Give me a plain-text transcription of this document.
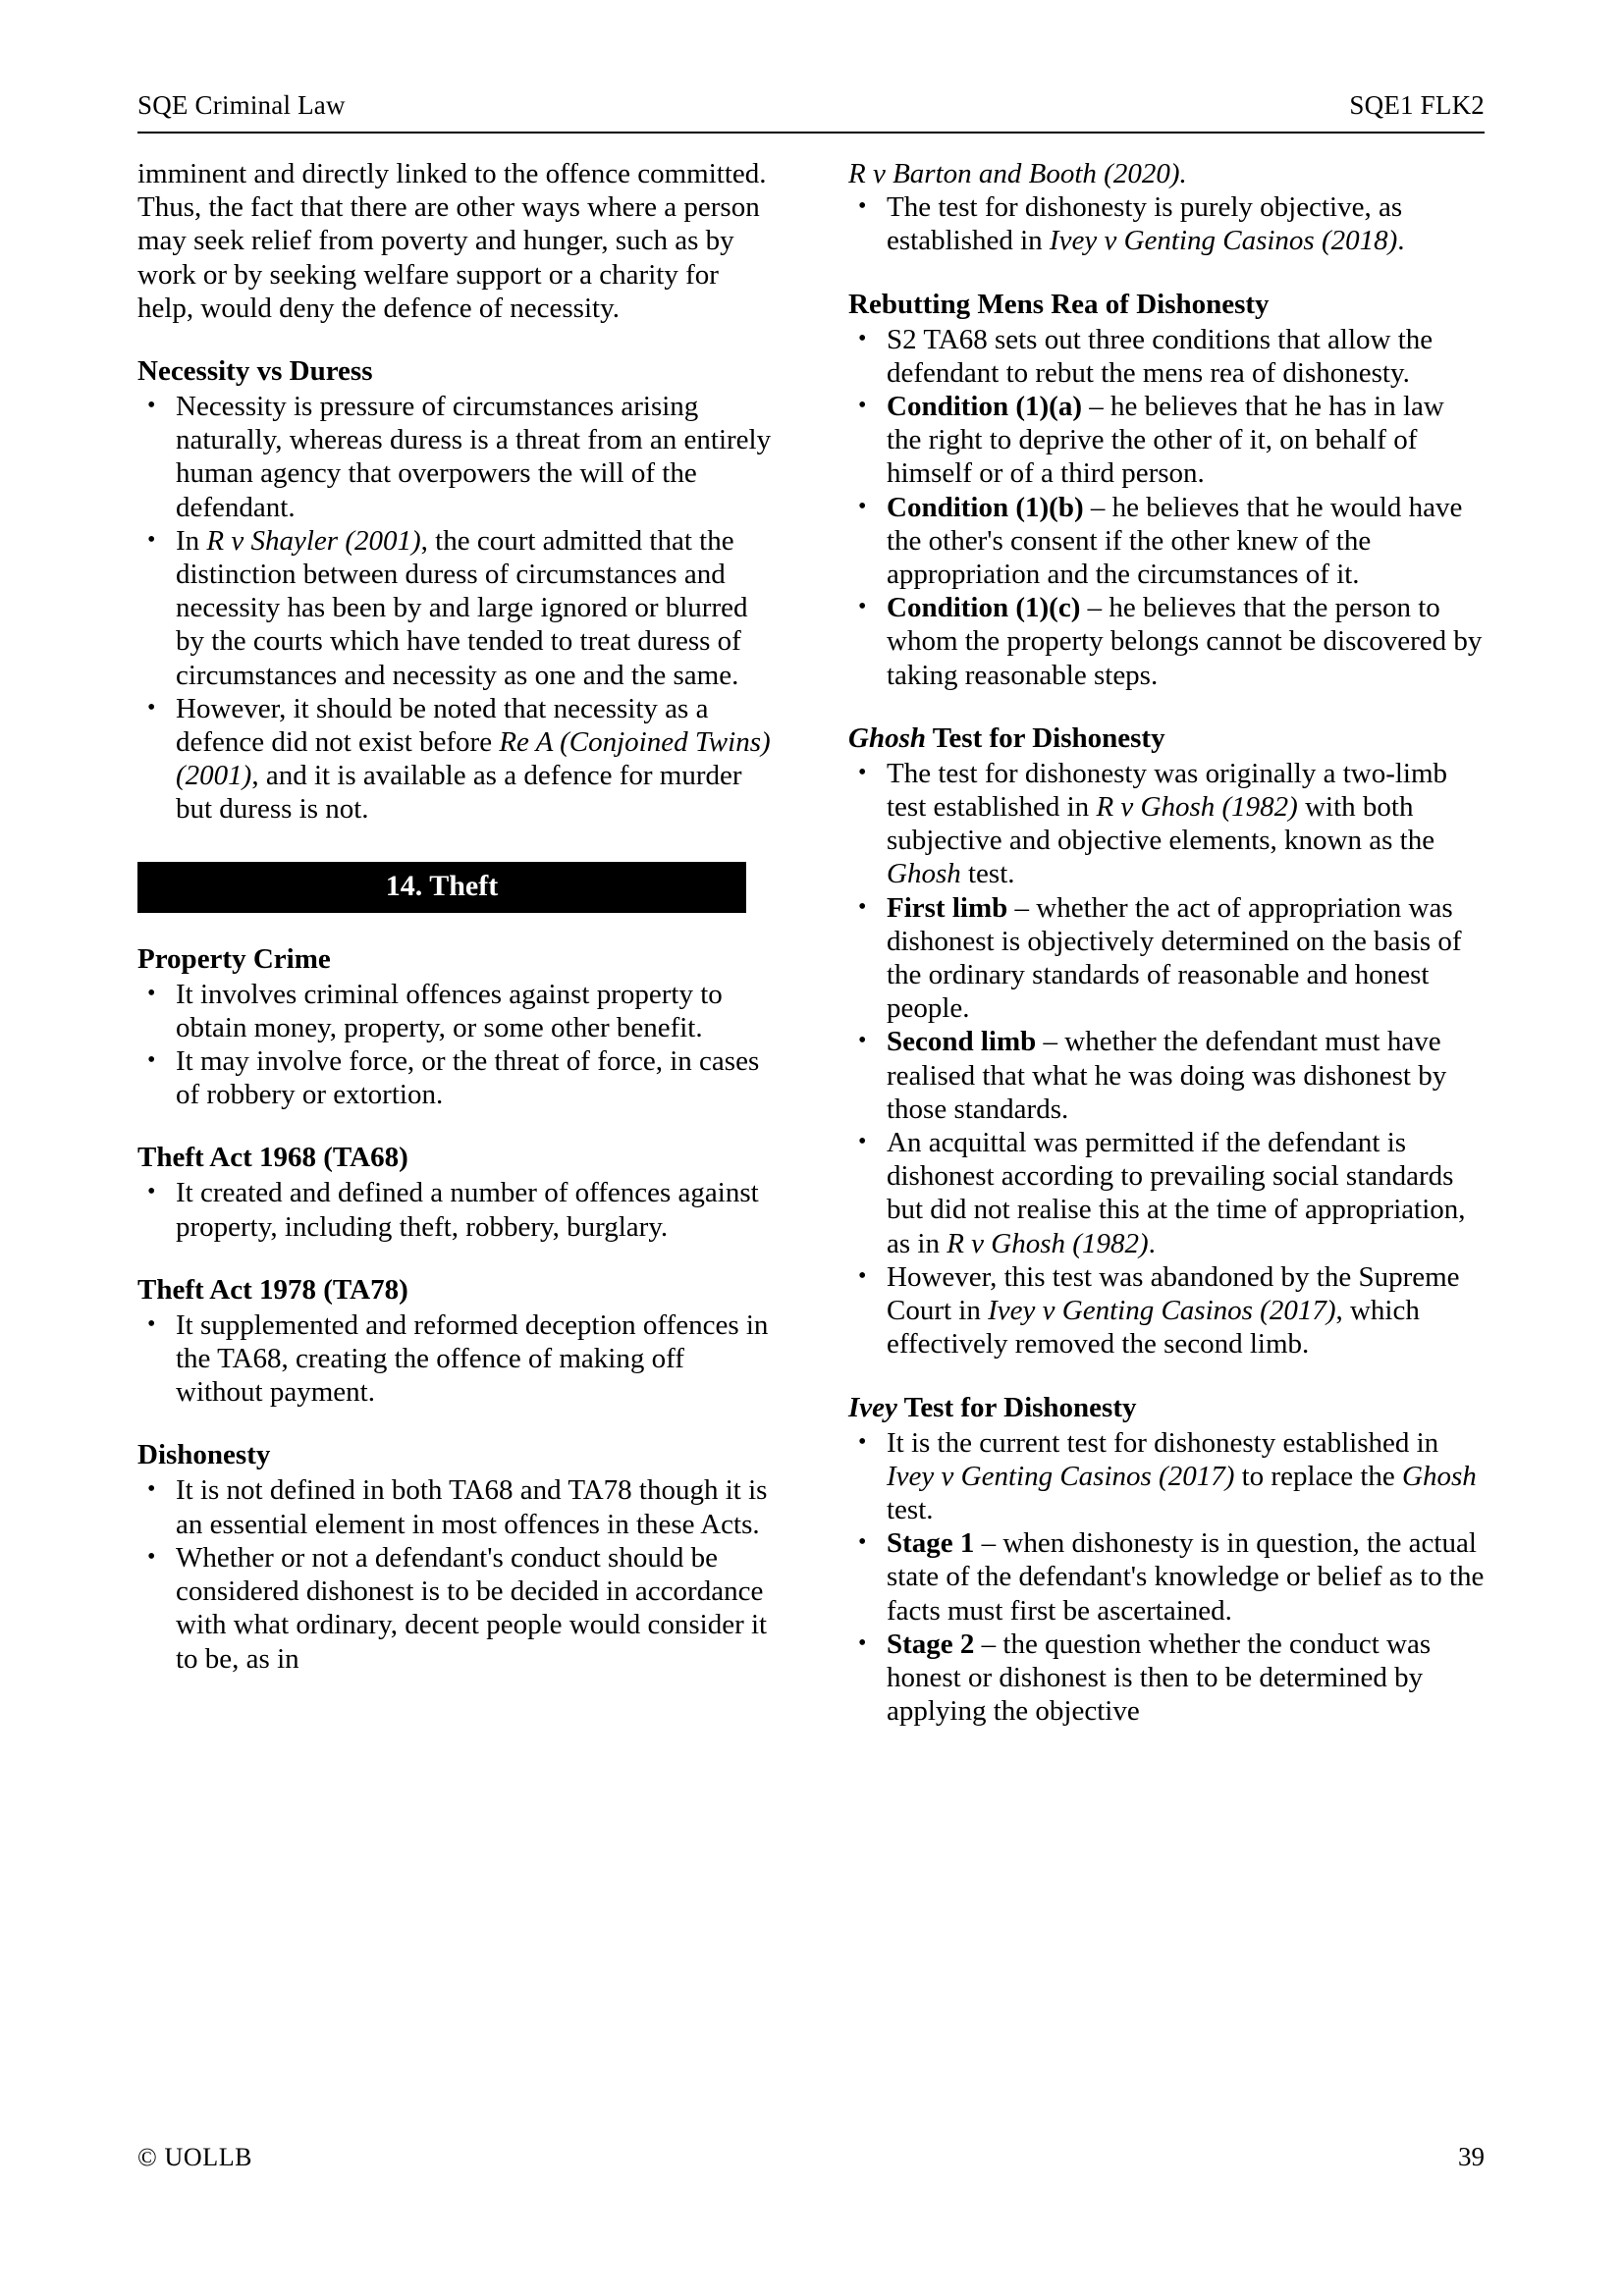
SQE Criminal Law	SQE1 FLK2

imminent and directly linked to the offence committed. Thus, the fact that there are other ways where a person may seek relief from poverty and hunger, such as by work or by seeking welfare support or a charity for help, would deny the defence of necessity.

Necessity vs Duress
• Necessity is pressure of circumstances arising naturally, whereas duress is a threat from an entirely human agency that overpowers the will of the defendant.
• In R v Shayler (2001), the court admitted that the distinction between duress of circumstances and necessity has been by and large ignored or blurred by the courts which have tended to treat duress of circumstances and necessity as one and the same.
• However, it should be noted that necessity as a defence did not exist before Re A (Conjoined Twins) (2001), and it is available as a defence for murder but duress is not.
14. Theft
Property Crime
• It involves criminal offences against property to obtain money, property, or some other benefit.
• It may involve force, or the threat of force, in cases of robbery or extortion.
Theft Act 1968 (TA68)
• It created and defined a number of offences against property, including theft, robbery, burglary.
Theft Act 1978 (TA78)
• It supplemented and reformed deception offences in the TA68, creating the offence of making off without payment.
Dishonesty
• It is not defined in both TA68 and TA78 though it is an essential element in most offences in these Acts.
• Whether or not a defendant's conduct should be considered dishonest is to be decided in accordance with what ordinary, decent people would consider it to be, as in

R v Barton and Booth (2020).

• The test for dishonesty is purely objective, as established in Ivey v Genting Casinos (2018).
Rebutting Mens Rea of Dishonesty
• S2 TA68 sets out three conditions that allow the defendant to rebut the mens rea of dishonesty.
• Condition (1)(a) – he believes that he has in law the right to deprive the other of it, on behalf of himself or of a third person.
• Condition (1)(b) – he believes that he would have the other's consent if the other knew of the appropriation and the circumstances of it.
• Condition (1)(c) – he believes that the person to whom the property belongs cannot be discovered by taking reasonable steps.
Ghosh Test for Dishonesty
• The test for dishonesty was originally a two-limb test established in R v Ghosh (1982) with both subjective and objective elements, known as the Ghosh test.
• First limb – whether the act of appropriation was dishonest is objectively determined on the basis of the ordinary standards of reasonable and honest people.
• Second limb – whether the defendant must have realised that what he was doing was dishonest by those standards.
• An acquittal was permitted if the defendant is dishonest according to prevailing social standards but did not realise this at the time of appropriation, as in R v Ghosh (1982).
• However, this test was abandoned by the Supreme Court in Ivey v Genting Casinos (2017), which effectively removed the second limb.
Ivey Test for Dishonesty
• It is the current test for dishonesty established in Ivey v Genting Casinos (2017) to replace the Ghosh test.
• Stage 1 – when dishonesty is in question, the actual state of the defendant's knowledge or belief as to the facts must first be ascertained.
• Stage 2 – the question whether the conduct was honest or dishonest is then to be determined by applying the objective
© UOLLB	39
